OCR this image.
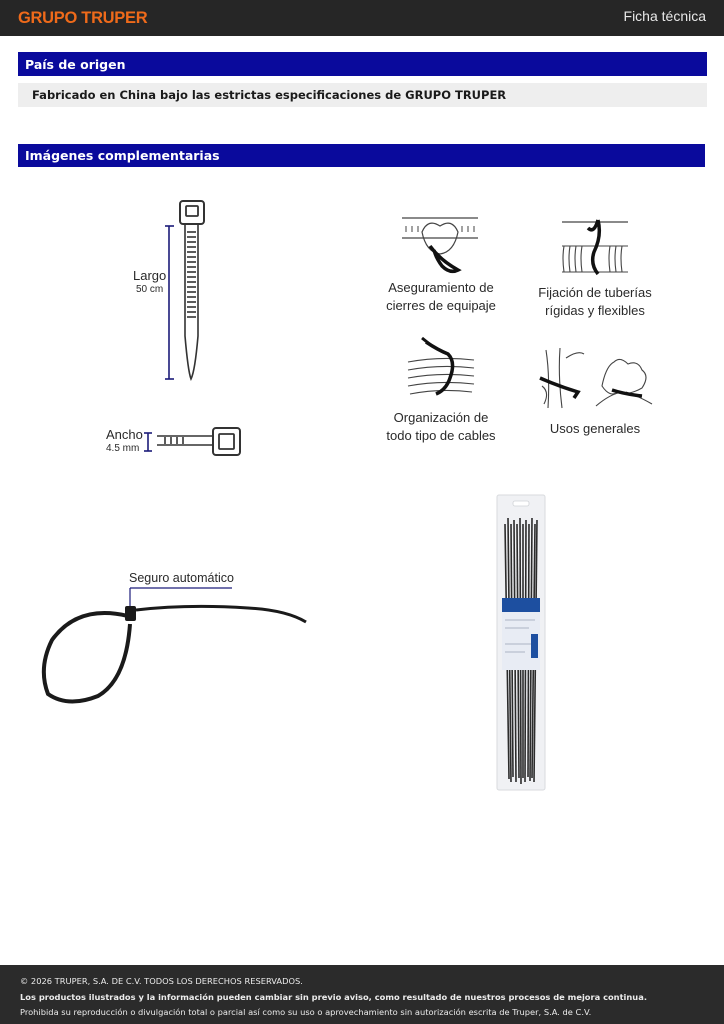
GRUPO TRUPER	Ficha técnica
País de origen
Fabricado en China bajo las estrictas especificaciones de GRUPO TRUPER
Imágenes complementarias
Largo
50 cm
Ancho
4.5 mm
Aseguramiento de
cierres de equipaje
Fijación de tuberías
rígidas y flexibles
Organización de
todo tipo de cables	Usos generales
Seguro automático
© 2026 TRUPER, S.A. DE C.V. TODOS LOS DERECHOS RESERVADOS.
Los productos ilustrados y la información pueden cambiar sin previo aviso, como resultado de nuestros procesos de mejora continua.
Prohibida su reproducción o divulgación total o parcial así como su uso o aprovechamiento sin autorización escrita de Truper, S.A. de C.V.
